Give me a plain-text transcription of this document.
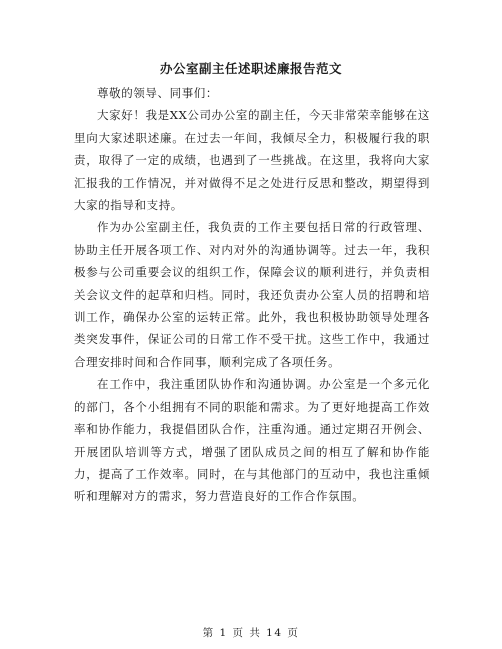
办公室副主任述职述廉报告范文

尊敬的领导、同事们：

大家好！我是XX公司办公室的副主任，今天非常荣幸能够在这里向大家述职述廉。在过去一年间，我倾尽全力，积极履行我的职责，取得了一定的成绩，也遇到了一些挑战。在这里，我将向大家汇报我的工作情况，并对做得不足之处进行反思和整改，期望得到大家的指导和支持。

作为办公室副主任，我负责的工作主要包括日常的行政管理、协助主任开展各项工作、对内对外的沟通协调等。过去一年，我积极参与公司重要会议的组织工作，保障会议的顺利进行，并负责相关会议文件的起草和归档。同时，我还负责办公室人员的招聘和培训工作，确保办公室的运转正常。此外，我也积极协助领导处理各类突发事件，保证公司的日常工作不受干扰。这些工作中，我通过合理安排时间和合作同事，顺利完成了各项任务。

在工作中，我注重团队协作和沟通协调。办公室是一个多元化的部门，各个小组拥有不同的职能和需求。为了更好地提高工作效率和协作能力，我提倡团队合作，注重沟通。通过定期召开例会、开展团队培训等方式，增强了团队成员之间的相互了解和协作能力，提高了工作效率。同时，在与其他部门的互动中，我也注重倾听和理解对方的需求，努力营造良好的工作合作氛围。

第 1 页 共 14 页
